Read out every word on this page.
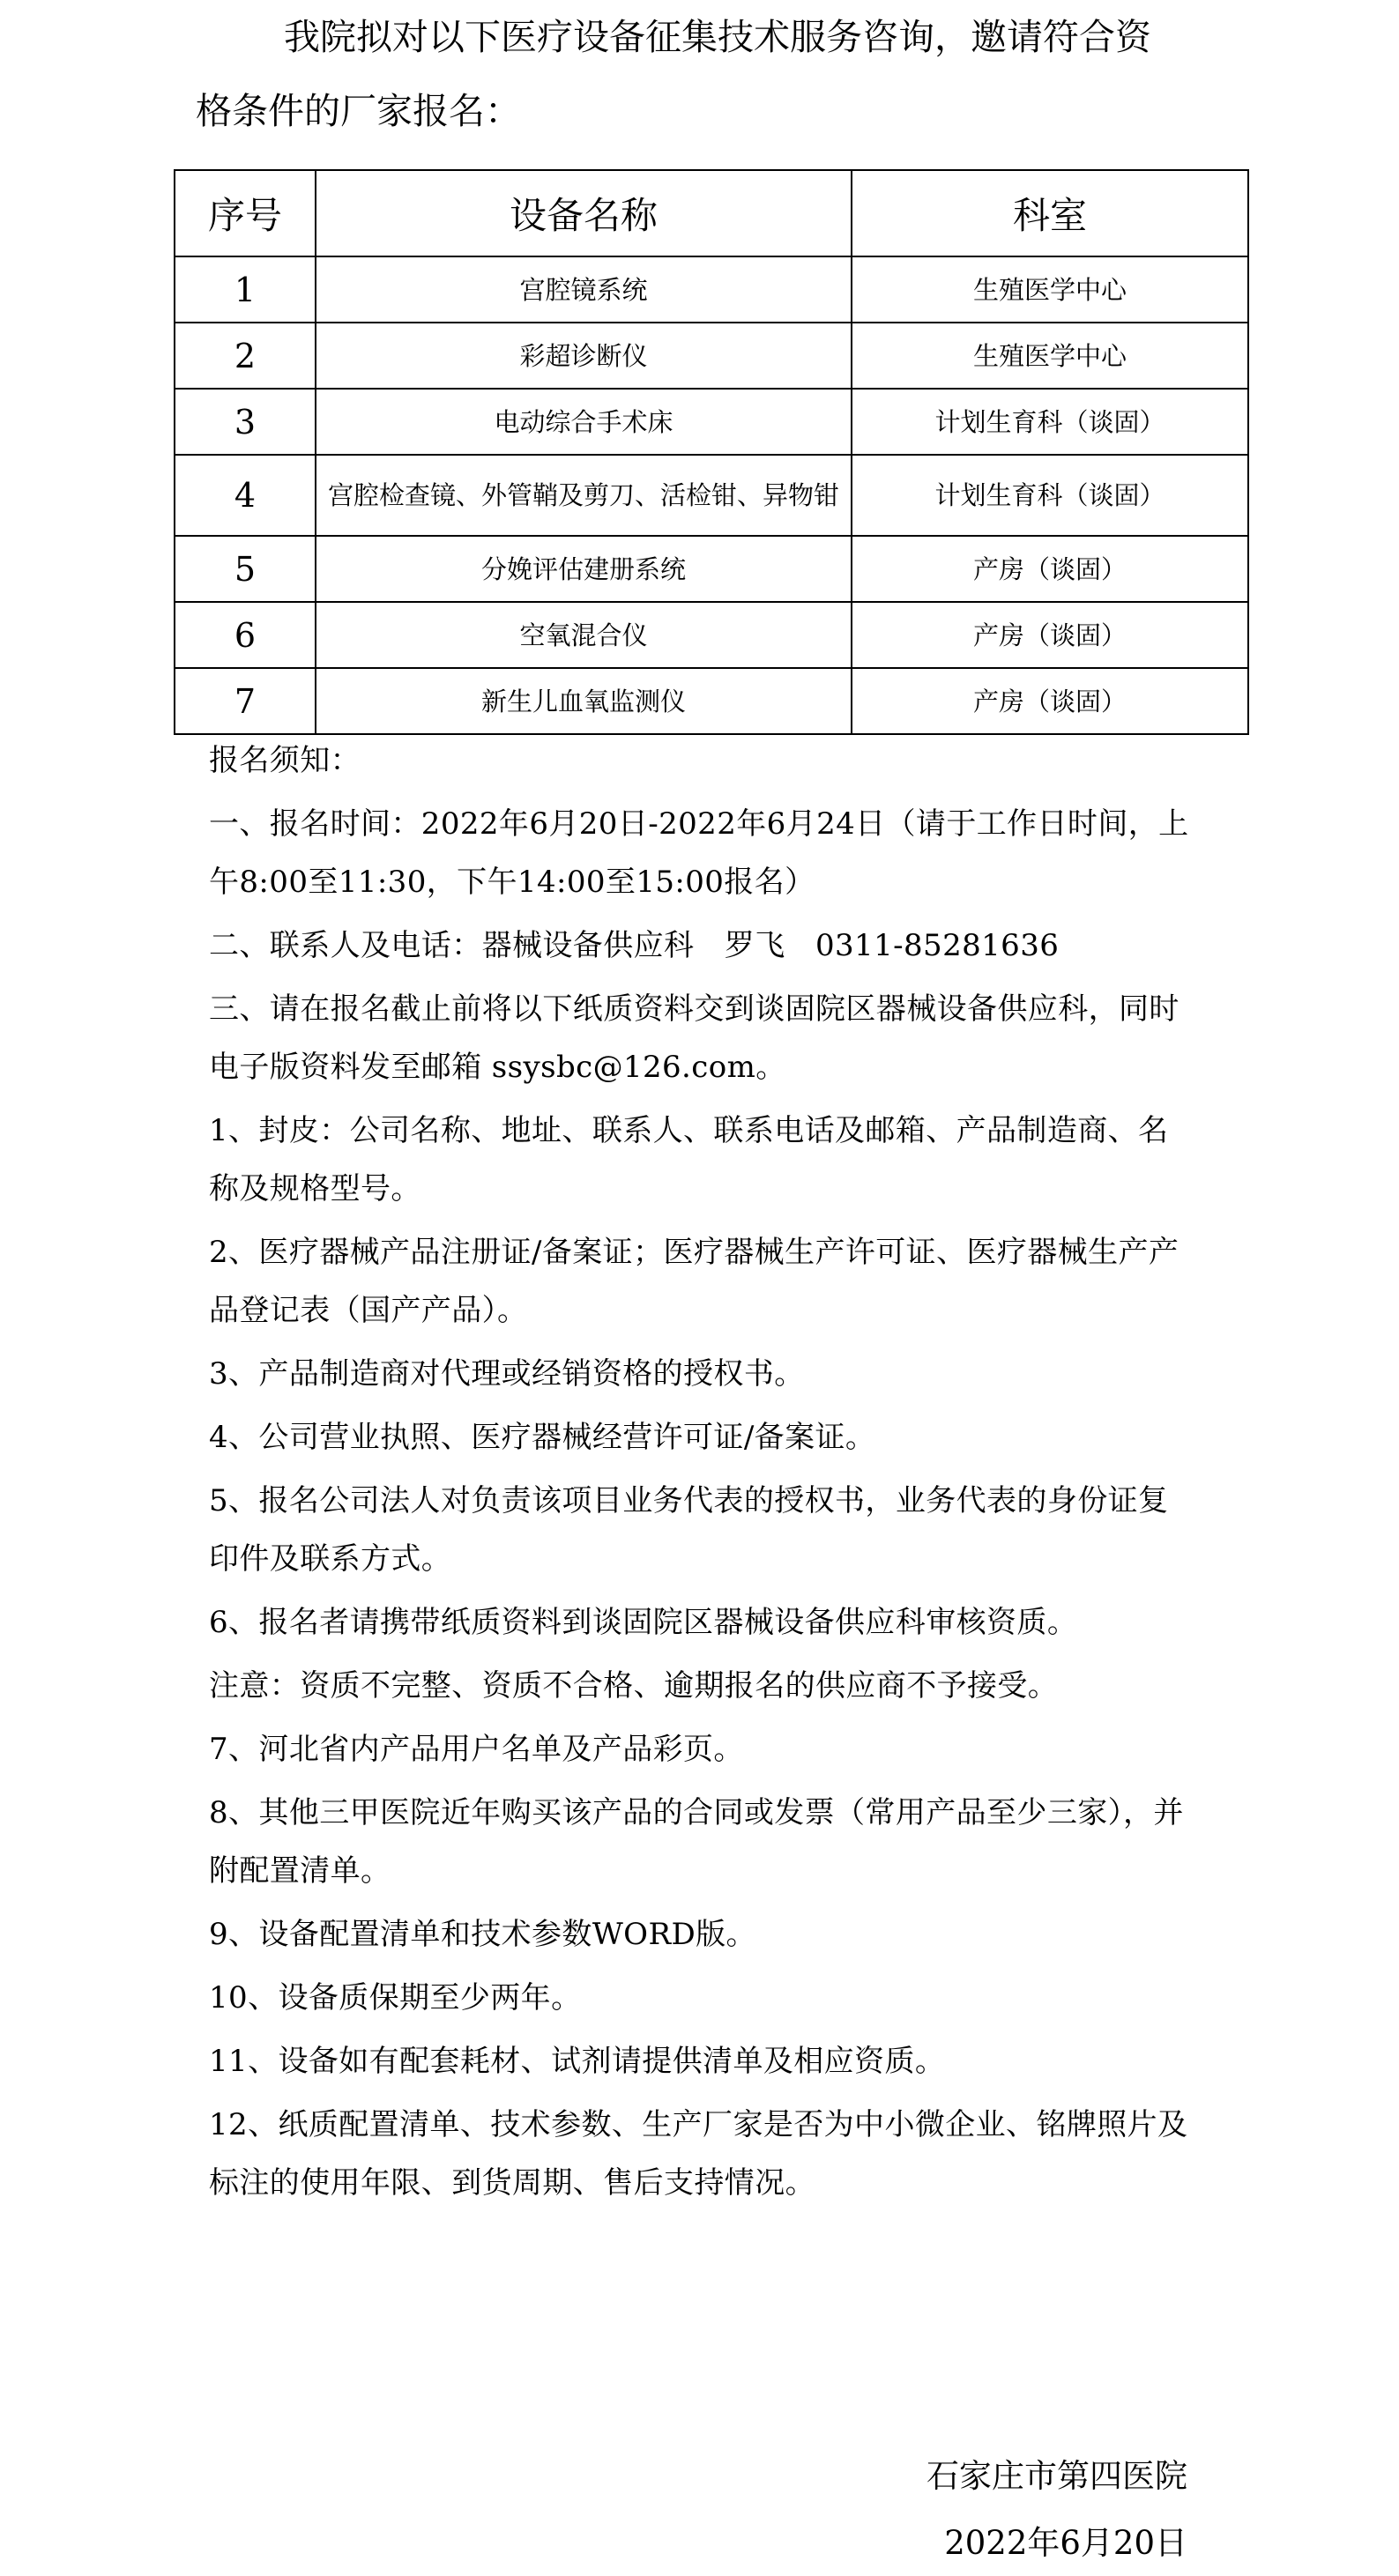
我院拟对以下医疗设备征集技术服务咨询，邀请符合资
格条件的厂家报名：
序号	设备名称	科室
1	宫腔镜系统	生殖医学中心
2	彩超诊断仪	生殖医学中心
3	电动综合手术床	计划生育科（谈固）
4	宫腔检查镜、外管鞘及剪刀、活检钳、异物钳	计划生育科（谈固）
5	分娩评估建册系统	产房（谈固）
6	空氧混合仪	产房（谈固）
7	新生儿血氧监测仪	产房（谈固）

报名须知：

一、报名时间：2022年6月20日-2022年6月24日（请于工作日时间，上午8:00至11:30，下午14:00至15:00报名）

二、联系人及电话：器械设备供应科　罗飞　0311-85281636

三、请在报名截止前将以下纸质资料交到谈固院区器械设备供应科，同时电子版资料发至邮箱 ssysbc@126.com。

1、封皮：公司名称、地址、联系人、联系电话及邮箱、产品制造商、名称及规格型号。

2、医疗器械产品注册证/备案证；医疗器械生产许可证、医疗器械生产产品登记表（国产产品）。

3、产品制造商对代理或经销资格的授权书。

4、公司营业执照、医疗器械经营许可证/备案证。

5、报名公司法人对负责该项目业务代表的授权书，业务代表的身份证复印件及联系方式。

6、报名者请携带纸质资料到谈固院区器械设备供应科审核资质。

注意：资质不完整、资质不合格、逾期报名的供应商不予接受。

7、河北省内产品用户名单及产品彩页。

8、其他三甲医院近年购买该产品的合同或发票（常用产品至少三家），并附配置清单。

9、设备配置清单和技术参数WORD版。

10、设备质保期至少两年。

11、设备如有配套耗材、试剂请提供清单及相应资质。

12、纸质配置清单、技术参数、生产厂家是否为中小微企业、铭牌照片及标注的使用年限、到货周期、售后支持情况。

石家庄市第四医院
2022年6月20日
